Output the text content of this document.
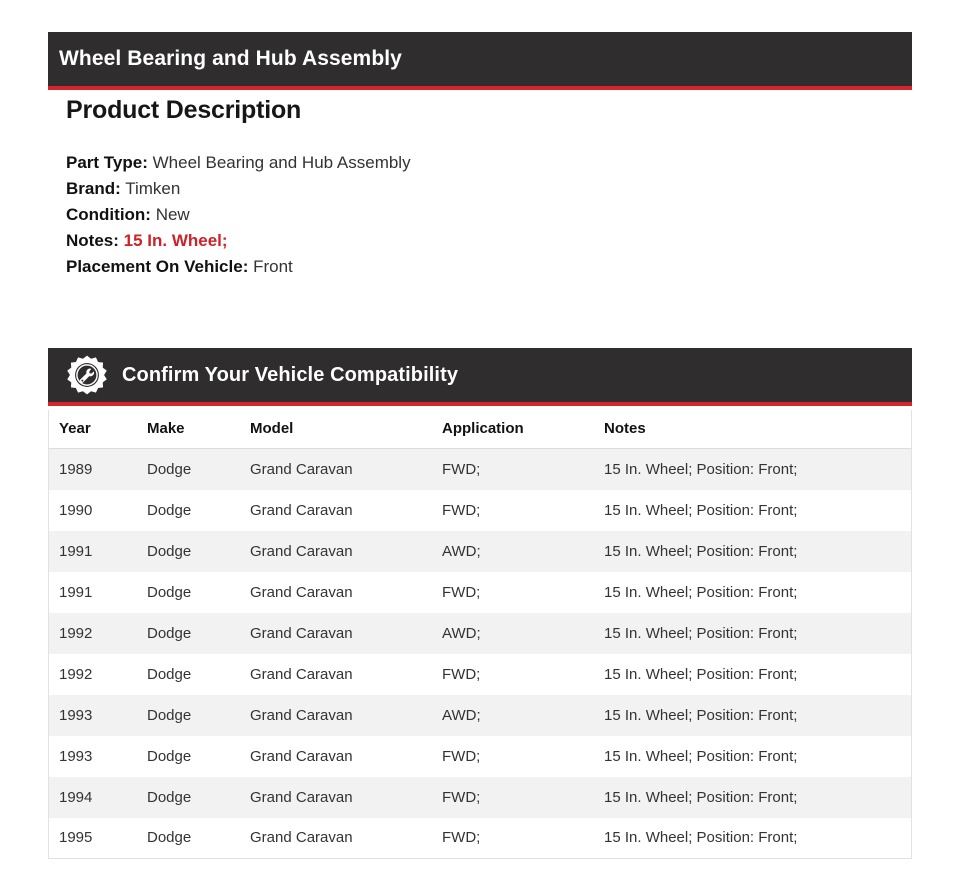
Wheel Bearing and Hub Assembly
Product Description
Part Type: Wheel Bearing and Hub Assembly
Brand: Timken
Condition: New
Notes: 15 In. Wheel;
Placement On Vehicle: Front
Confirm Your Vehicle Compatibility
Year	Make	Model	Application	Notes
1989	Dodge	Grand Caravan	FWD;	15 In. Wheel; Position: Front;
1990	Dodge	Grand Caravan	FWD;	15 In. Wheel; Position: Front;
1991	Dodge	Grand Caravan	AWD;	15 In. Wheel; Position: Front;
1991	Dodge	Grand Caravan	FWD;	15 In. Wheel; Position: Front;
1992	Dodge	Grand Caravan	AWD;	15 In. Wheel; Position: Front;
1992	Dodge	Grand Caravan	FWD;	15 In. Wheel; Position: Front;
1993	Dodge	Grand Caravan	AWD;	15 In. Wheel; Position: Front;
1993	Dodge	Grand Caravan	FWD;	15 In. Wheel; Position: Front;
1994	Dodge	Grand Caravan	FWD;	15 In. Wheel; Position: Front;
1995	Dodge	Grand Caravan	FWD;	15 In. Wheel; Position: Front;
